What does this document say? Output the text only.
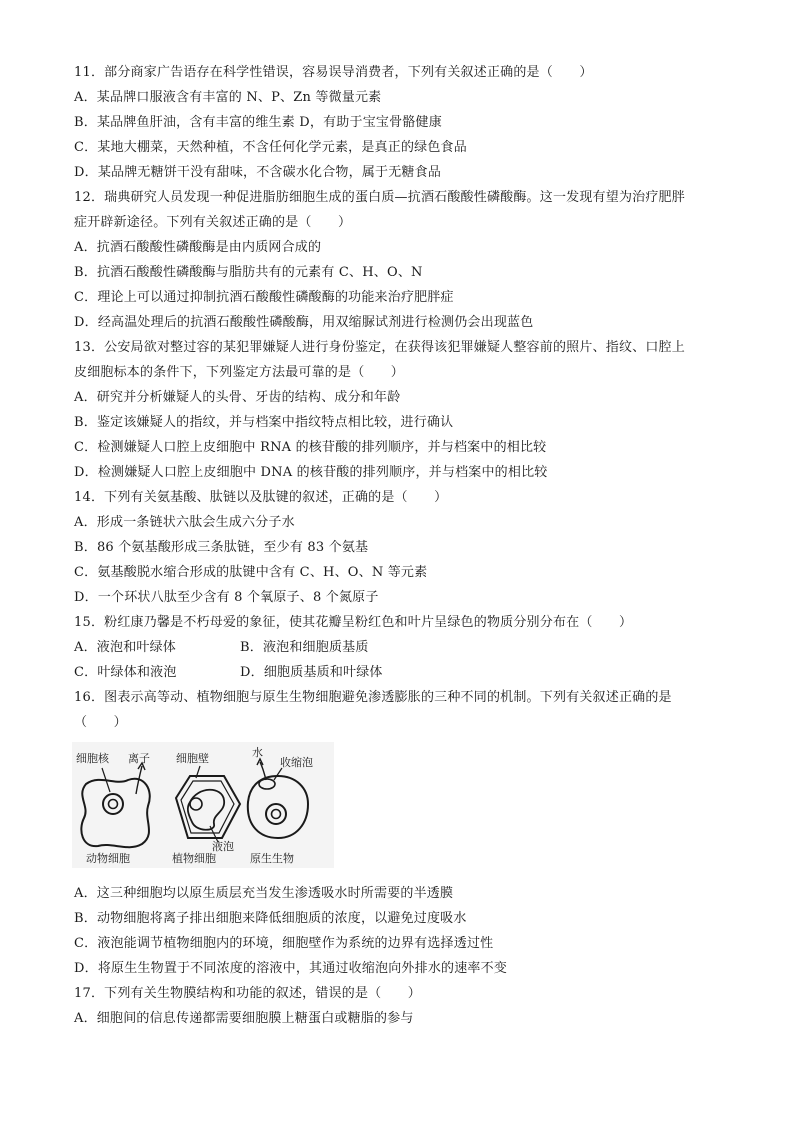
11．部分商家广告语存在科学性错误，容易误导消费者，下列有关叙述正确的是（　　）
A．某品牌口服液含有丰富的 N、P、Zn 等微量元素
B．某品牌鱼肝油，含有丰富的维生素 D，有助于宝宝骨骼健康
C．某地大棚菜，天然种植，不含任何化学元素，是真正的绿色食品
D．某品牌无糖饼干没有甜味，不含碳水化合物，属于无糖食品
12．瑞典研究人员发现一种促进脂肪细胞生成的蛋白质—抗酒石酸酸性磷酸酶。这一发现有望为治疗肥胖
症开辟新途径。下列有关叙述正确的是（　　）
A．抗酒石酸酸性磷酸酶是由内质网合成的
B．抗酒石酸酸性磷酸酶与脂肪共有的元素有 C、H、O、N
C．理论上可以通过抑制抗酒石酸酸性磷酸酶的功能来治疗肥胖症
D．经高温处理后的抗酒石酸酸性磷酸酶，用双缩脲试剂进行检测仍会出现蓝色
13．公安局欲对整过容的某犯罪嫌疑人进行身份鉴定，在获得该犯罪嫌疑人整容前的照片、指纹、口腔上
皮细胞标本的条件下，下列鉴定方法最可靠的是（　　）
A．研究并分析嫌疑人的头骨、牙齿的结构、成分和年龄
B．鉴定该嫌疑人的指纹，并与档案中指纹特点相比较，进行确认
C．检测嫌疑人口腔上皮细胞中 RNA 的核苷酸的排列顺序，并与档案中的相比较
D．检测嫌疑人口腔上皮细胞中 DNA 的核苷酸的排列顺序，并与档案中的相比较
14．下列有关氨基酸、肽链以及肽键的叙述，正确的是（　　）
A．形成一条链状六肽会生成六分子水
B．86 个氨基酸形成三条肽链，至少有 83 个氨基
C．氨基酸脱水缩合形成的肽键中含有 C、H、O、N 等元素
D．一个环状八肽至少含有 8 个氧原子、8 个氮原子
15．粉红康乃馨是不朽母爱的象征，使其花瓣呈粉红色和叶片呈绿色的物质分别分布在（　　）
A．液泡和叶绿体	B．液泡和细胞质基质
C．叶绿体和液泡	D．细胞质基质和叶绿体
16．图表示高等动、植物细胞与原生生物细胞避免渗透膨胀的三种不同的机制。下列有关叙述正确的是
（　　）
细胞核 离子 细胞壁
液泡
水
收缩泡
动物细胞	植物细胞	原生生物
A．这三种细胞均以原生质层充当发生渗透吸水时所需要的半透膜
B．动物细胞将离子排出细胞来降低细胞质的浓度，以避免过度吸水
C．液泡能调节植物细胞内的环境，细胞壁作为系统的边界有选择透过性
D．将原生生物置于不同浓度的溶液中，其通过收缩泡向外排水的速率不变
17．下列有关生物膜结构和功能的叙述，错误的是（　　）
A．细胞间的信息传递都需要细胞膜上糖蛋白或糖脂的参与
